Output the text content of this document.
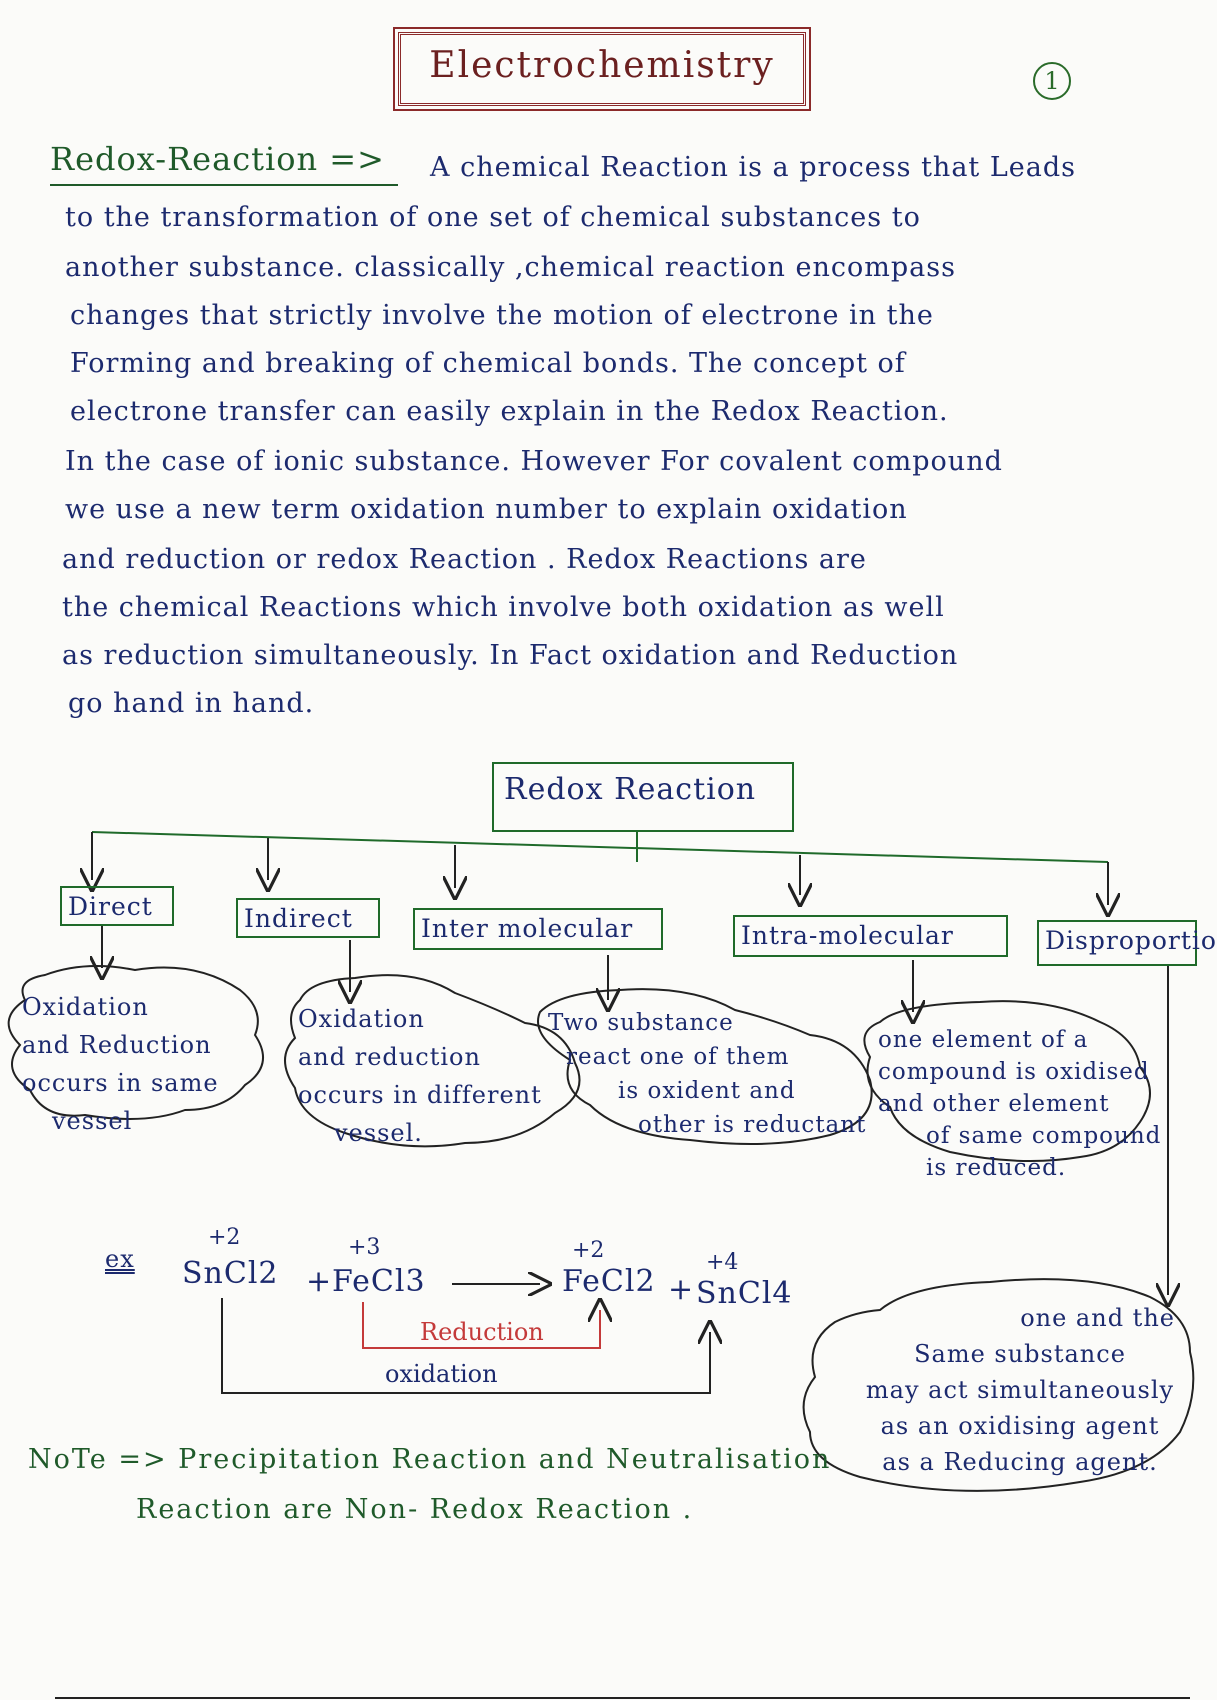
Electrochemistry	1
Redox-Reaction => A chemical Reaction is a process that Leads
to the transformation of one set of chemical substances to
another substance. classically ,chemical reaction encompass
changes that strictly involve the motion of electrone in the
Forming and breaking of chemical bonds. The concept of
electrone transfer can easily explain in the Redox Reaction.
In the case of ionic substance. However For covalent compound
we use a new term oxidation number to explain oxidation
and reduction or redox Reaction . Redox Reactions are
the chemical Reactions which involve both oxidation as well
as reduction simultaneously. In Fact oxidation and Reduction
go hand in hand.
Redox Reaction
Direct	Indirect	Inter molecular	Intra-molecular	Disproportio
Oxidation
and Reduction
occurs in same
vessel
Oxidation
and reduction
occurs in different
vessel.
Two substance
react one of them
is oxident and
other is reductant
one element of a
compound is oxidised
and other element
of same compound
is reduced.
one and the
Same substance
may act simultaneously
as an oxidising agent
as a Reducing agent.
ex
+2	+3	+2	+4
SnCl2 + FeCl3	FeCl2 + SnCl4
Reduction
oxidation
NoTe => Precipitation Reaction and Neutralisation
Reaction are Non- Redox Reaction .
